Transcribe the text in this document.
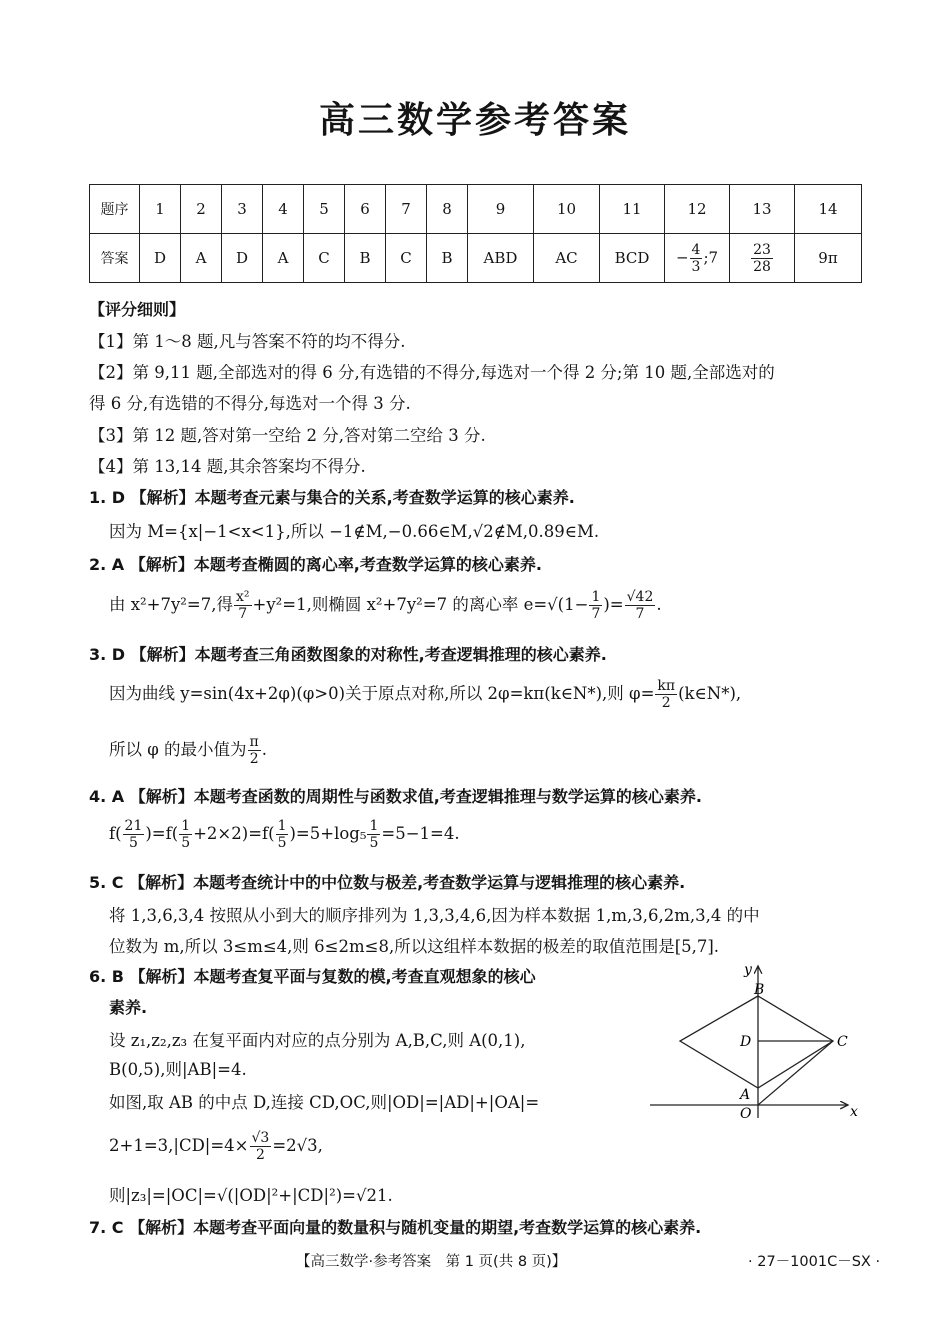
高三数学参考答案
题序	1	2	3	4	5	6	7	8	9	10	11	12	13	14
答案	D	A	D	A	C	B	C	B	ABD	AC	BCD	− $\frac{4}{3}$ ;7	$\frac{23}{28}$	9π
【评分细则】
【1】第 1～8 题,凡与答案不符的均不得分.
【2】第 9,11 题,全部选对的得 6 分,有选错的不得分,每选对一个得 2 分;第 10 题,全部选对的
得 6 分,有选错的不得分,每选对一个得 3 分.
【3】第 12 题,答对第一空给 2 分,答对第二空给 3 分.
【4】第 13,14 题,其余答案均不得分.
1. D 【解析】本题考查元素与集合的关系,考查数学运算的核心素养.
因为 M={x|−1<x<1},所以 −1∉M,−0.66∈M,√2∉M,0.89∈M.
2. A 【解析】本题考查椭圆的离心率,考查数学运算的核心素养.
由 x²+7y²=7,得 $\frac{\text{x²}}{7} +y^2=1$,则椭圆 x²+7y²=7 的离心率 $e=√(1- \frac{1}{7}$ )= $\frac{√42}{7}$ .
3. D 【解析】本题考查三角函数图象的对称性,考查逻辑推理的核心素养.
因为曲线 y=sin(4x+2φ)(φ>0)关于原点对称,所以 2φ=kπ(k∈N*),则 $\varphi= \frac{k\pi}{2}$ (k∈N*),
所以 φ 的最小值为 $\frac{\pi}{2}$ .
4. A 【解析】本题考查函数的周期性与函数求值,考查逻辑推理与数学运算的核心素养.
$f( \frac{21}{5} )=f( \frac{1}{5} +2\times 2)=f( \frac{1}{5} )=5+\log_5 \frac{1}{5} =5-1=4$.
5. C 【解析】本题考查统计中的中位数与极差,考查数学运算与逻辑推理的核心素养.
将 1,3,6,3,4 按照从小到大的顺序排列为 1,3,3,4,6,因为样本数据 1,m,3,6,2m,3,4 的中
位数为 m,所以 3≤m≤4,则 6≤2m≤8,所以这组样本数据的极差的取值范围是[5,7].
6. B 【解析】本题考查复平面与复数的模,考查直观想象的核心
素养.
设 z₁,z₂,z₃ 在复平面内对应的点分别为 A,B,C,则 A(0,1),
B(0,5),则|AB|=4.
如图,取 AB 的中点 D,连接 CD,OC,则|OD|=|AD|+|OA|=
$2+1=3,|CD|=4\times \frac{√3}{2} =2√3$,
则|z₃|=|OC|=√(|OD|²+|CD|²)=√21.
7. C 【解析】本题考查平面向量的数量积与随机变量的期望,考查数学运算的核心素养.
y
x
O
A
B
C
D
【高三数学·参考答案　第 1 页(共 8 页)】	· 27－1001C－SX ·
